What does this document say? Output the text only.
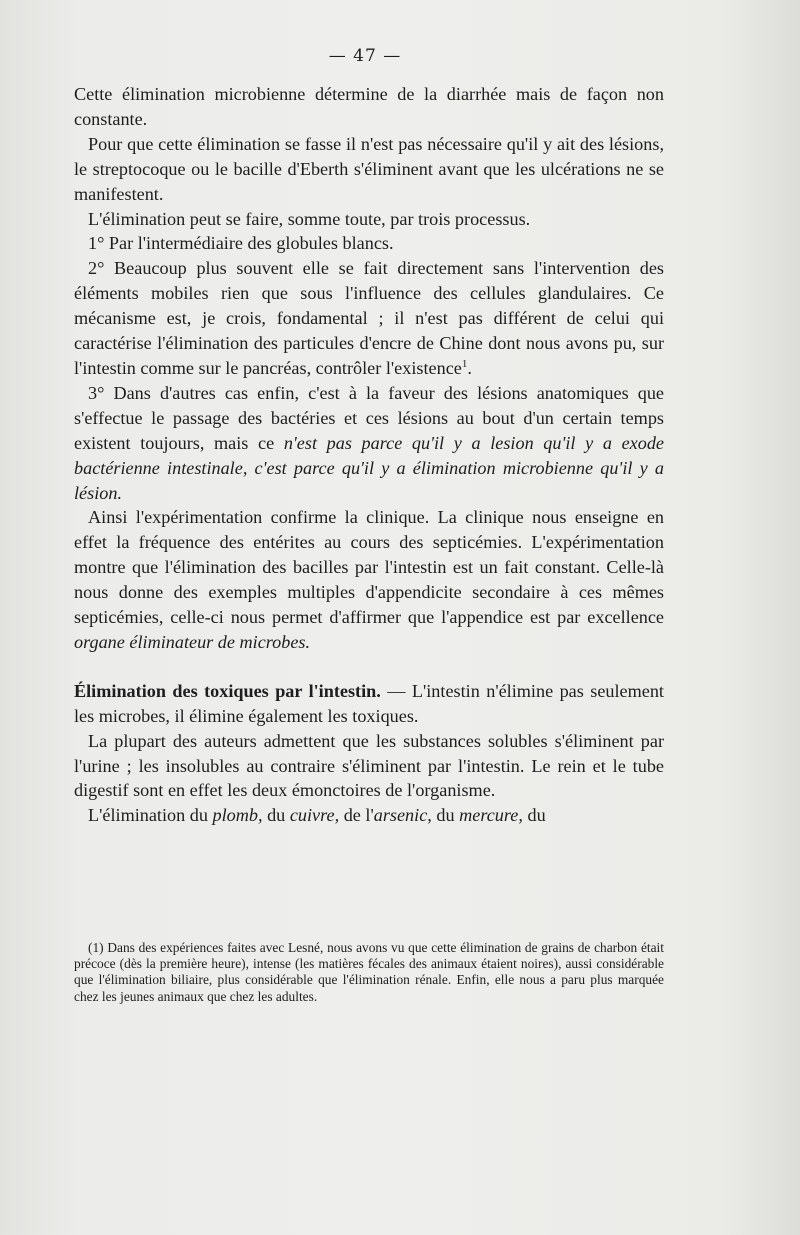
— 47 —

Cette élimination microbienne détermine de la diarrhée mais de façon non constante.

Pour que cette élimination se fasse il n'est pas nécessaire qu'il y ait des lésions, le streptocoque ou le bacille d'Eberth s'éliminent avant que les ulcérations ne se manifestent.

L'élimination peut se faire, somme toute, par trois processus.

1° Par l'intermédiaire des globules blancs.

2° Beaucoup plus souvent elle se fait directement sans l'intervention des éléments mobiles rien que sous l'influence des cellules glandulaires. Ce mécanisme est, je crois, fondamental ; il n'est pas différent de celui qui caractérise l'élimination des particules d'encre de Chine dont nous avons pu, sur l'intestin comme sur le pancréas, contrôler l'existence$^1$.

3° Dans d'autres cas enfin, c'est à la faveur des lésions anatomiques que s'effectue le passage des bactéries et ces lésions au bout d'un certain temps existent toujours, mais ce n'est pas parce qu'il y a lesion qu'il y a exode bactérienne intestinale, c'est parce qu'il y a élimination microbienne qu'il y a lésion.

Ainsi l'expérimentation confirme la clinique. La clinique nous enseigne en effet la fréquence des entérites au cours des septicémies. L'expérimentation montre que l'élimination des bacilles par l'intestin est un fait constant. Celle-là nous donne des exemples multiples d'appendicite secondaire à ces mêmes septicémies, celle-ci nous permet d'affirmer que l'appendice est par excellence organe éliminateur de microbes.

Élimination des toxiques par l'intestin. — L'intestin n'élimine pas seulement les microbes, il élimine également les toxiques.

La plupart des auteurs admettent que les substances solubles s'éliminent par l'urine ; les insolubles au contraire s'éliminent par l'intestin. Le rein et le tube digestif sont en effet les deux émonctoires de l'organisme.

L'élimination du plomb, du cuivre, de l'arsenic, du mercure, du

(1) Dans des expériences faites avec Lesné, nous avons vu que cette élimination de grains de charbon était précoce (dès la première heure), intense (les matières fécales des animaux étaient noires), aussi considérable que l'élimination biliaire, plus considérable que l'élimination rénale. Enfin, elle nous a paru plus marquée chez les jeunes animaux que chez les adultes.
